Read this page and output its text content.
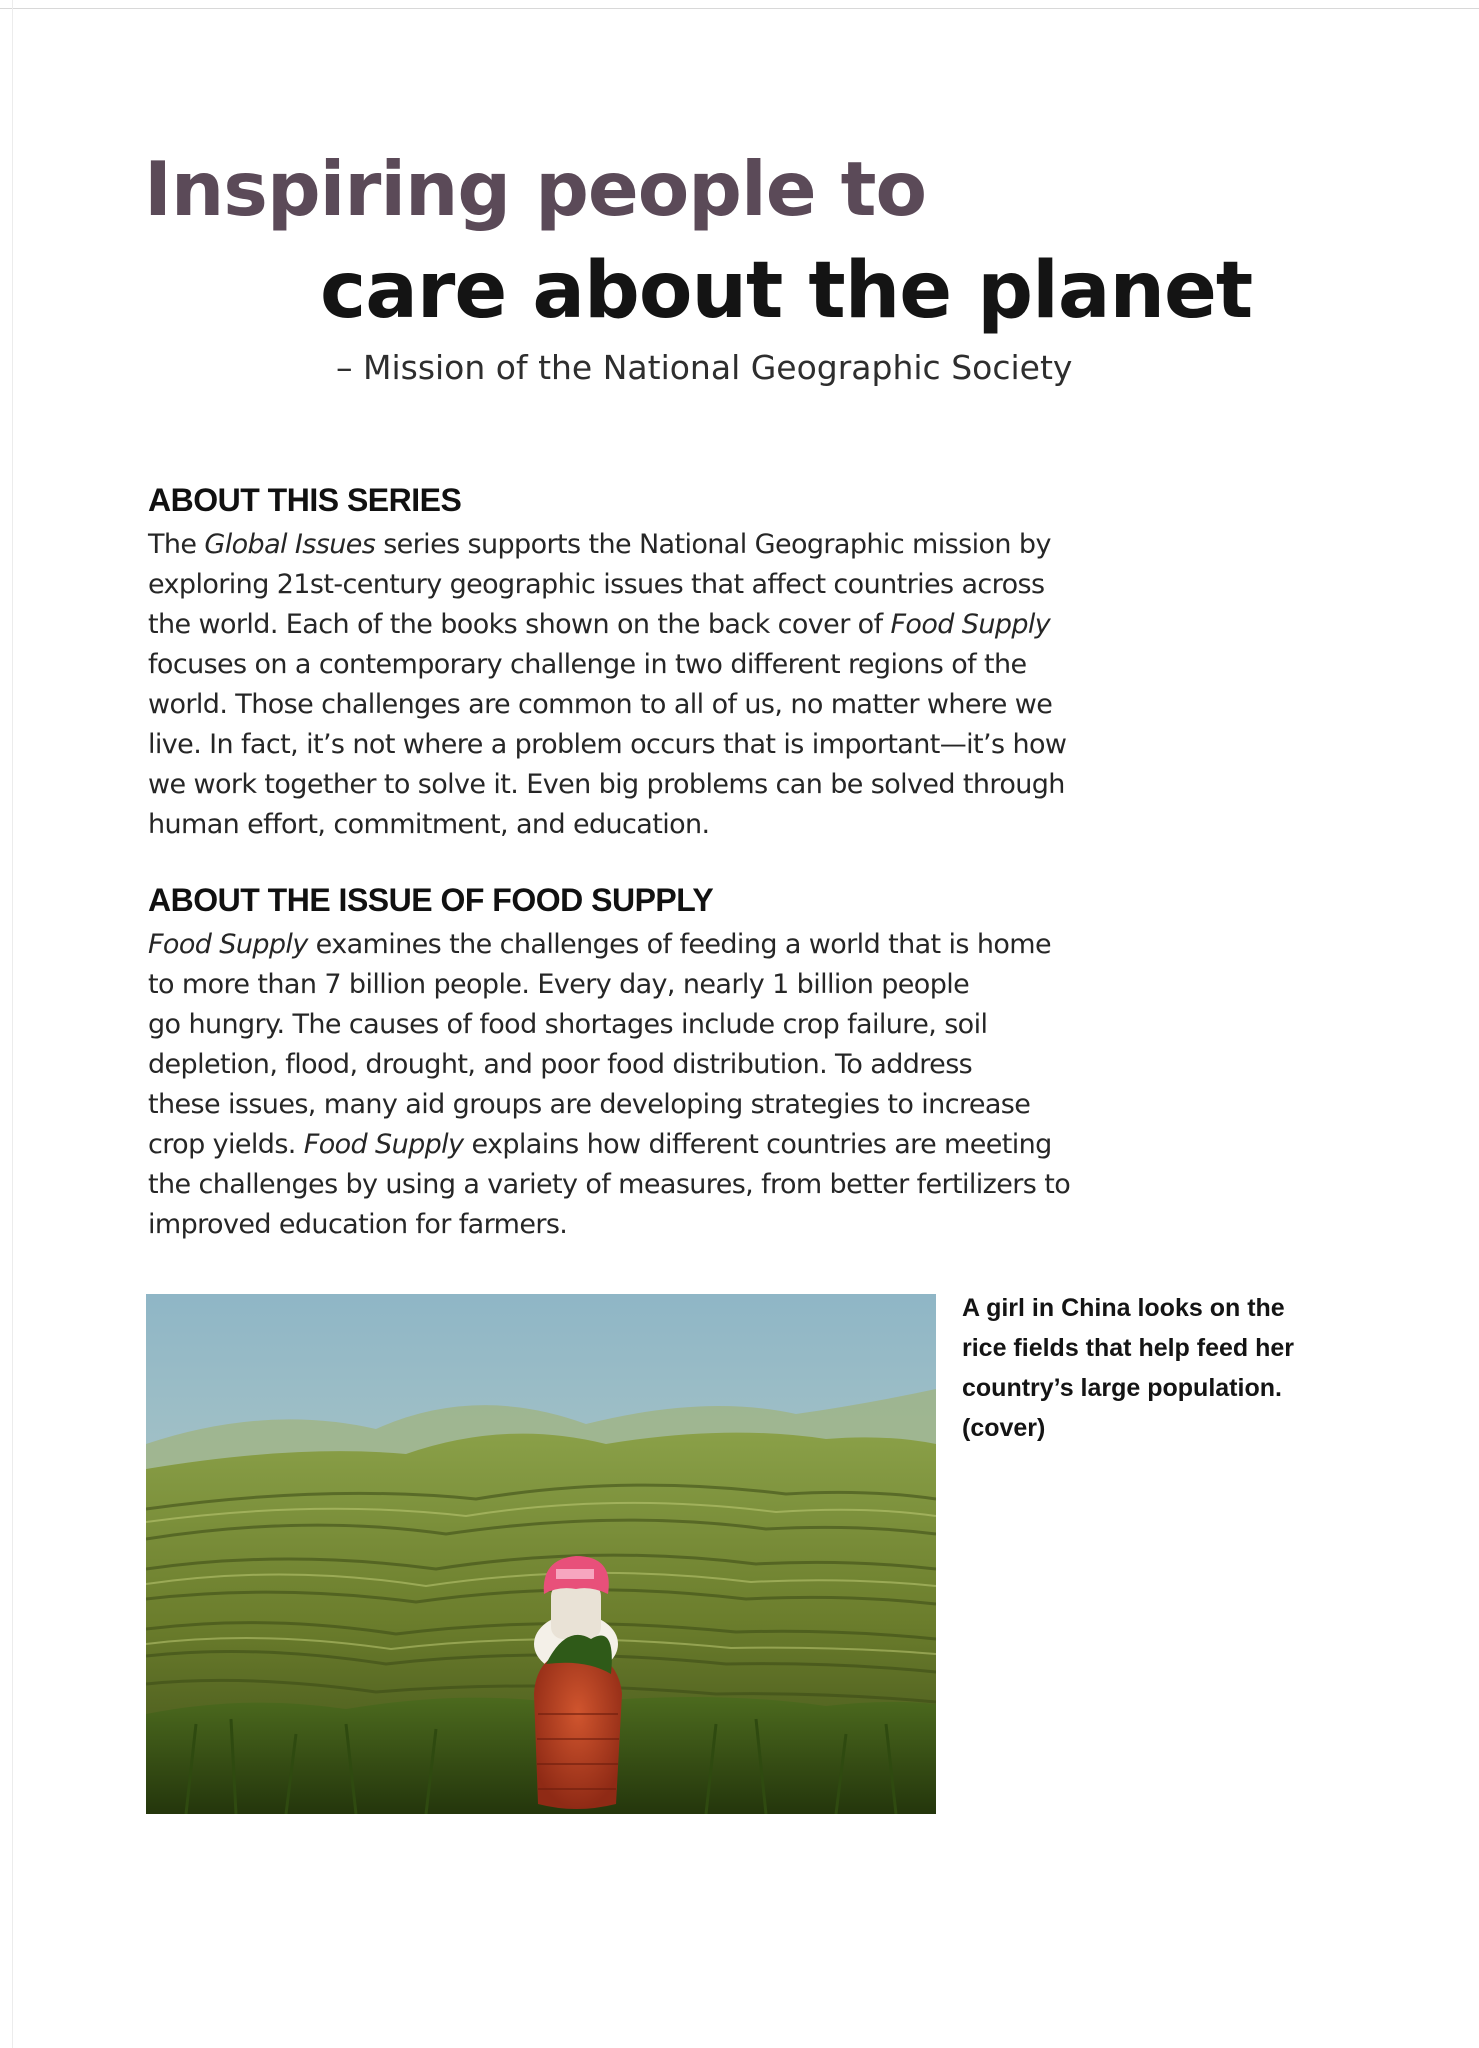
Inspiring people to
care about the planet

– Mission of the National Geographic Society

ABOUT THIS SERIES

The Global Issues series supports the National Geographic mission by
exploring 21st-century geographic issues that affect countries across
the world. Each of the books shown on the back cover of Food Supply
focuses on a contemporary challenge in two different regions of the
world. Those challenges are common to all of us, no matter where we
live. In fact, it’s not where a problem occurs that is important—it’s how
we work together to solve it. Even big problems can be solved through
human effort, commitment, and education.

ABOUT THE ISSUE OF FOOD SUPPLY

Food Supply examines the challenges of feeding a world that is home
to more than 7 billion people. Every day, nearly 1 billion people
go hungry. The causes of food shortages include crop failure, soil
depletion, flood, drought, and poor food distribution. To address
these issues, many aid groups are developing strategies to increase
crop yields. Food Supply explains how different countries are meeting
the challenges by using a variety of measures, from better fertilizers to
improved education for farmers.

A girl in China looks on the
rice fields that help feed her
country’s large population.
(cover)
